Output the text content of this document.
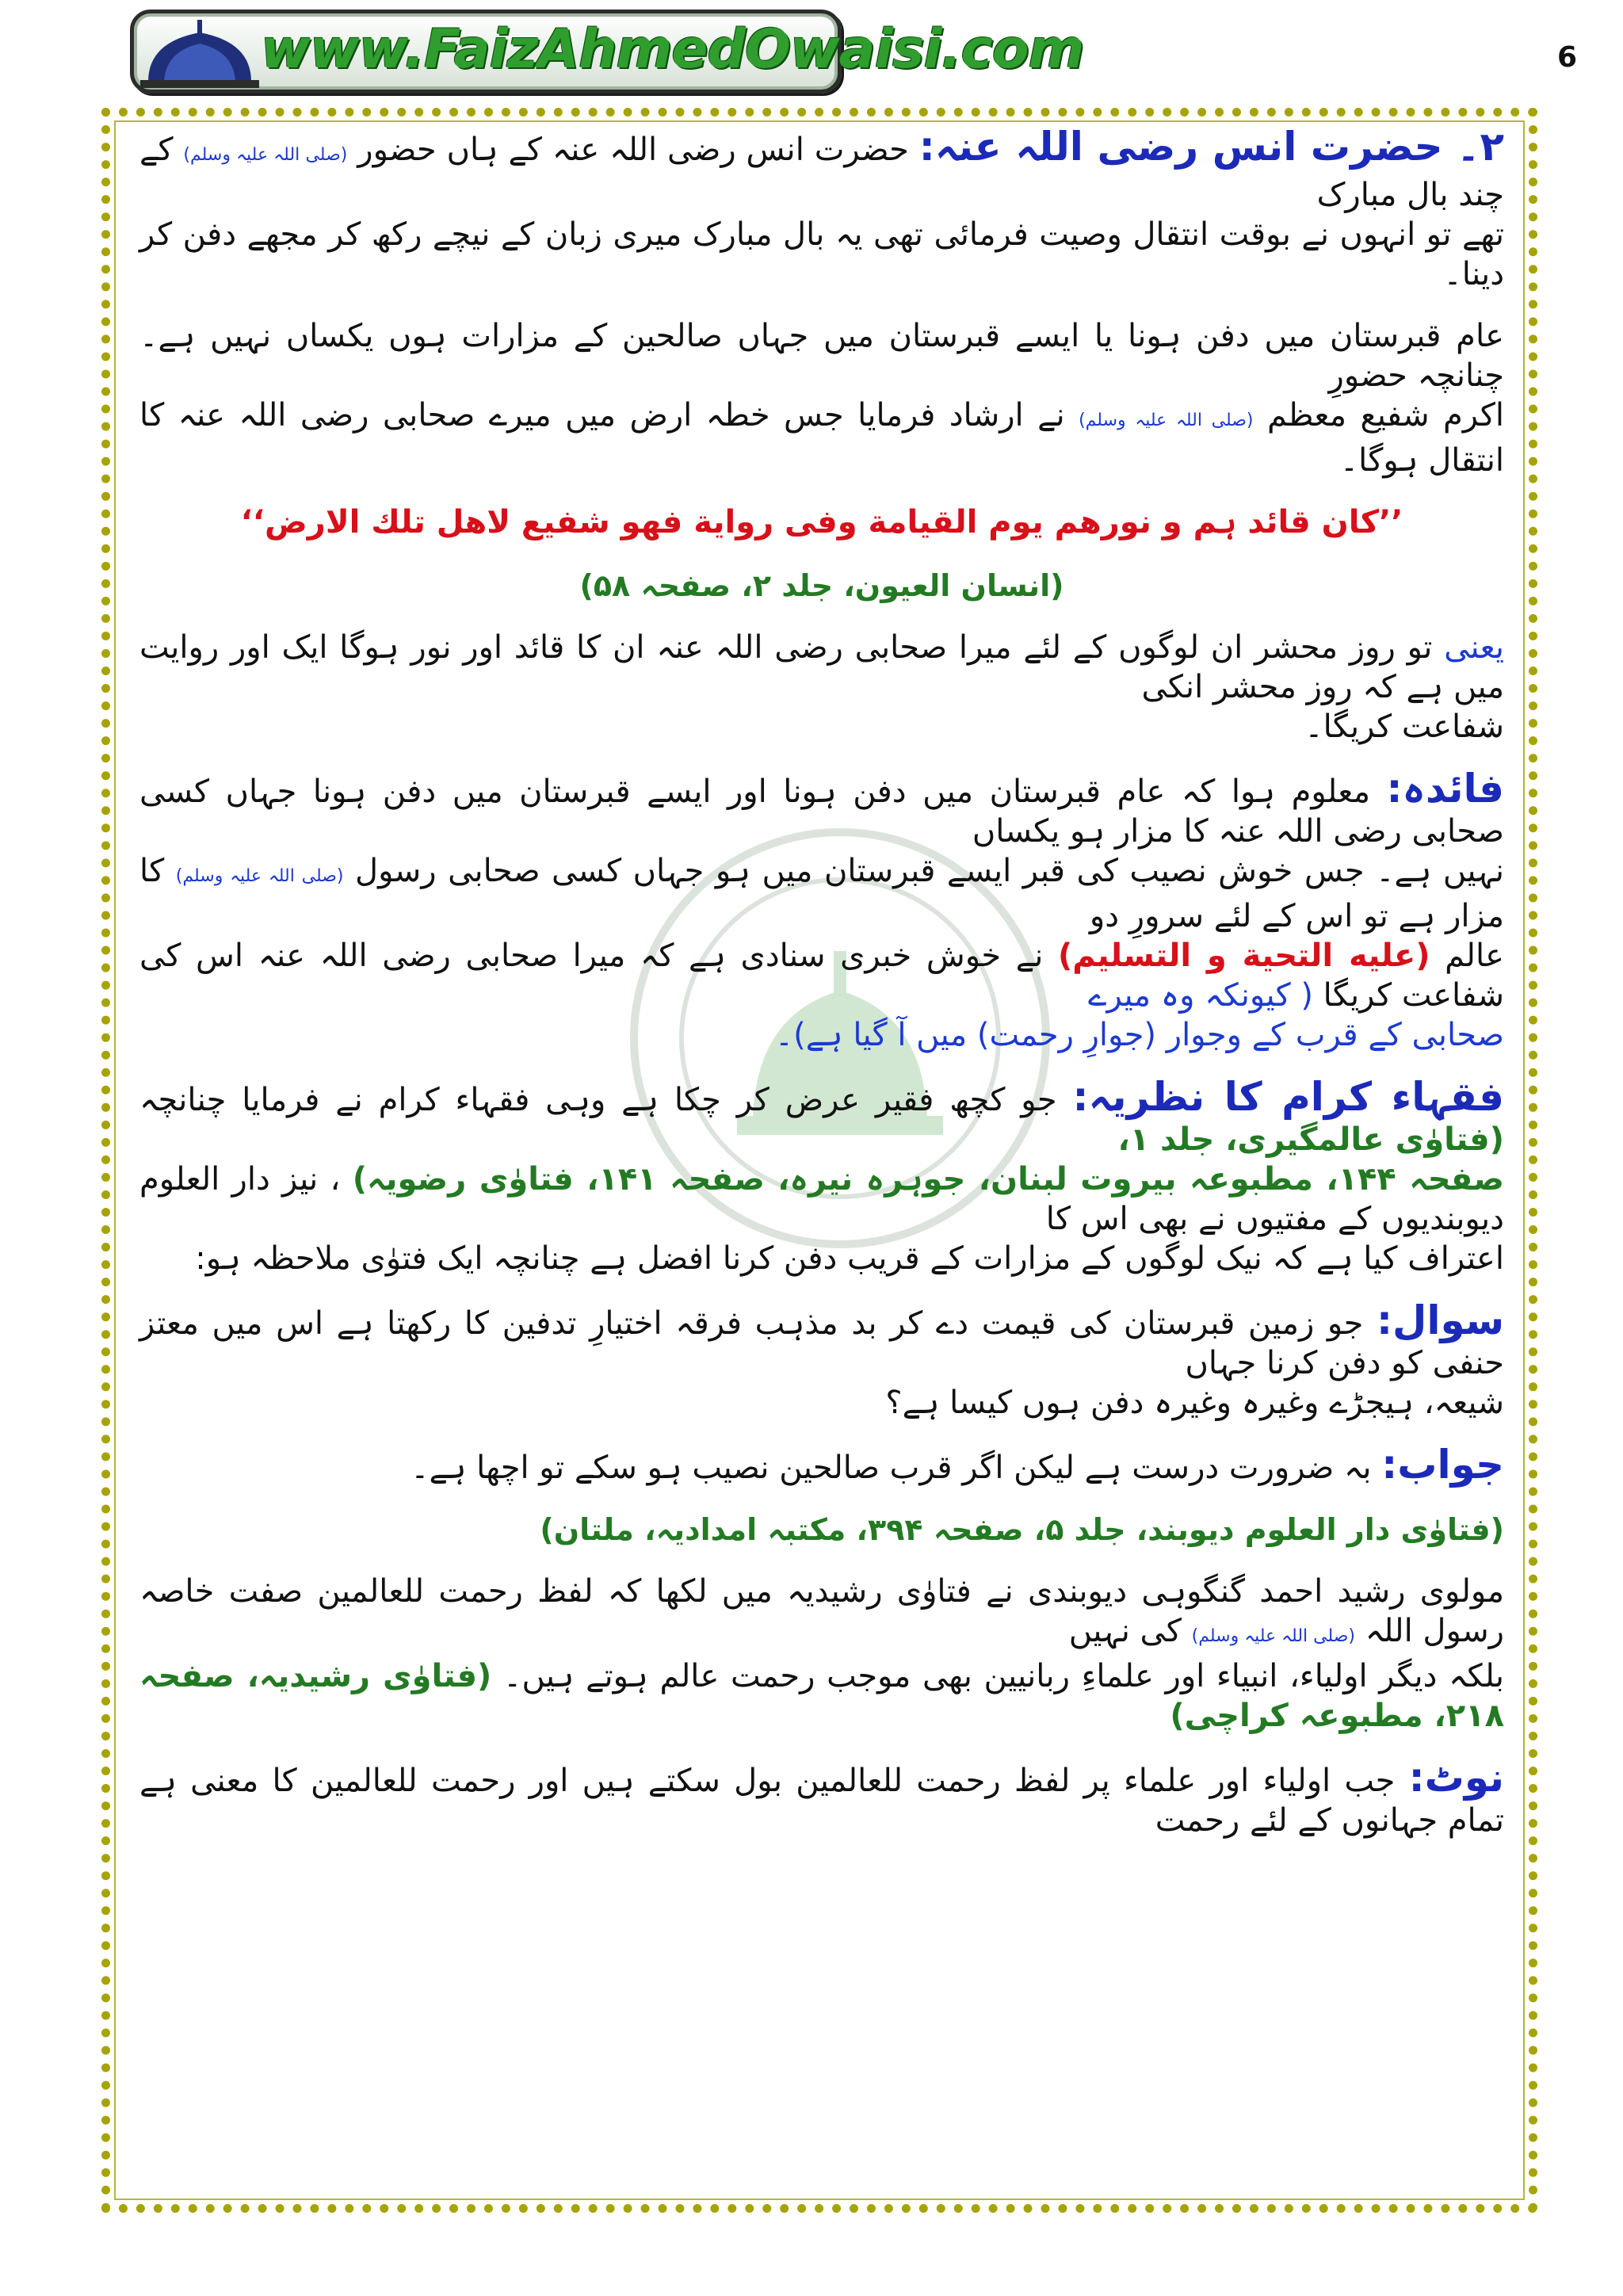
www.FaizAhmedOwaisi.com	6

۲۔ حضرت انس رضی اللہ عنہ: حضرت انس رضی اللہ عنہ کے ہاں حضور (صلی اللہ علیہ وسلم) کے چند بال مبارک

تھے تو انہوں نے بوقت انتقال وصیت فرمائی تھی یہ بال مبارک میری زبان کے نیچے رکھ کر مجھے دفن کر دینا۔

عام قبرستان میں دفن ہونا یا ایسے قبرستان میں جہاں صالحین کے مزارات ہوں یکساں نہیں ہے۔ چنانچہ حضورِ

اکرم شفیع معظم (صلی اللہ علیہ وسلم) نے ارشاد فرمایا جس خطہ ارض میں میرے صحابی رضی اللہ عنہ کا انتقال ہوگا۔

’’کان قائد ہم و نورھم یوم القیامة وفی روایة فھو شفیع لاھل تلك الارض‘‘

(انسان العیون، جلد ۲، صفحہ ۵۸)

یعنی تو روز محشر ان لوگوں کے لئے میرا صحابی رضی اللہ عنہ ان کا قائد اور نور ہوگا ایک اور روایت میں ہے کہ روز محشر انکی

شفاعت کریگا۔

فائدہ: معلوم ہوا کہ عام قبرستان میں دفن ہونا اور ایسے قبرستان میں دفن ہونا جہاں کسی صحابی رضی اللہ عنہ کا مزار ہو یکساں

نہیں ہے۔ جس خوش نصیب کی قبر ایسے قبرستان میں ہو جہاں کسی صحابی رسول (صلی اللہ علیہ وسلم) کا مزار ہے تو اس کے لئے سرورِ دو

عالم (علیه التحیة و التسلیم) نے خوش خبری سنادی ہے کہ میرا صحابی رضی اللہ عنہ اس کی شفاعت کریگا ( کیونکہ وہ میرے

صحابی کے قرب کے وجوار (جوارِ رحمت) میں آ گیا ہے)۔

فقہاء کرام کا نظریہ: جو کچھ فقیر عرض کر چکا ہے وہی فقہاء کرام نے فرمایا چنانچہ (فتاوٰی عالمگیری، جلد ۱،

صفحہ ۱۴۴، مطبوعہ بیروت لبنان، جوہرہ نیرہ، صفحہ ۱۴۱، فتاوٰی رضویہ) ، نیز دار العلوم دیوبندیوں کے مفتیوں نے بھی اس کا

اعتراف کیا ہے کہ نیک لوگوں کے مزارات کے قریب دفن کرنا افضل ہے چنانچہ ایک فتوٰی ملاحظہ ہو:

سوال: جو زمین قبرستان کی قیمت دے کر بد مذہب فرقہ اختیارِ تدفین کا رکھتا ہے اس میں معتز حنفی کو دفن کرنا جہاں

شیعہ، ہیجڑے وغیرہ وغیرہ دفن ہوں کیسا ہے؟

جواب: بہ ضرورت درست ہے لیکن اگر قرب صالحین نصیب ہو سکے تو اچھا ہے۔

(فتاوٰی دار العلوم دیوبند، جلد ۵، صفحہ ۳۹۴، مکتبہ امدادیہ، ملتان)

مولوی رشید احمد گنگوہی دیوبندی نے فتاوٰی رشیدیہ میں لکھا کہ لفظ رحمت للعالمین صفت خاصہ رسول اللہ (صلی اللہ علیہ وسلم) کی نہیں

بلکہ دیگر اولیاء، انبیاء اور علماءِ ربانیین بھی موجب رحمت عالم ہوتے ہیں۔ (فتاوٰی رشیدیہ، صفحہ ۲۱۸، مطبوعہ کراچی)

نوٹ: جب اولیاء اور علماء پر لفظ رحمت للعالمین بول سکتے ہیں اور رحمت للعالمین کا معنی ہے تمام جہانوں کے لئے رحمت
